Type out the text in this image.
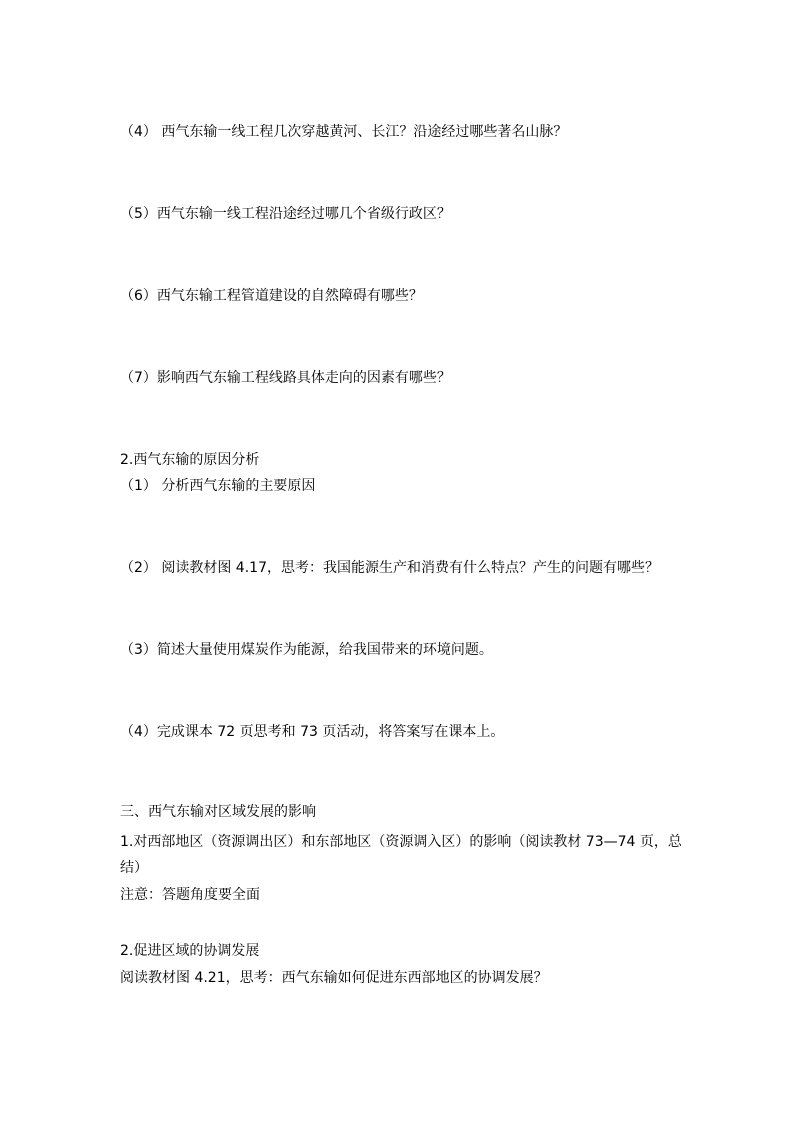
（4） 西气东输一线工程几次穿越黄河、长江？沿途经过哪些著名山脉？
（5）西气东输一线工程沿途经过哪几个省级行政区？
（6）西气东输工程管道建设的自然障碍有哪些？
（7）影响西气东输工程线路具体走向的因素有哪些？
2.西气东输的原因分析
（1） 分析西气东输的主要原因
（2） 阅读教材图 4.17，思考：我国能源生产和消费有什么特点？产生的问题有哪些？
（3）简述大量使用煤炭作为能源，给我国带来的环境问题。
（4）完成课本 72 页思考和 73 页活动，将答案写在课本上。
三、西气东输对区域发展的影响
1.对西部地区（资源调出区）和东部地区（资源调入区）的影响（阅读教材 73—74 页，总
结）
注意：答题角度要全面
2.促进区域的协调发展
阅读教材图 4.21，思考：西气东输如何促进东西部地区的协调发展？
